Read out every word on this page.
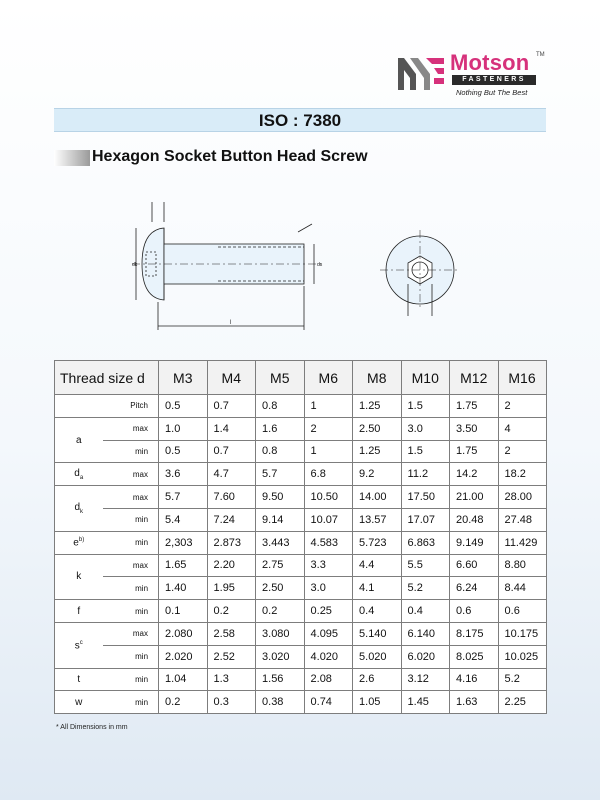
Motson TM
FASTENERS
Nothing But The Best
ISO : 7380
Hexagon Socket Button Head Screw
dk	ds
l
Thread size d		M3	M4	M5	M6	M8	M10	M12	M16
	Pitch	0.5	0.7	0.8	1	1.25	1.5	1.75	2
a	max	1.0	1.4	1.6	2	2.50	3.0	3.50	4
	min	0.5	0.7	0.8	1	1.25	1.5	1.75	2
$d_a$	max	3.6	4.7	5.7	6.8	9.2	11.2	14.2	18.2
$d_k$	max	5.7	7.60	9.50	10.50	14.00	17.50	21.00	28.00
	min	5.4	7.24	9.14	10.07	13.57	17.07	20.48	27.48
$e^{b)}$	min	2,303	2.873	3.443	4.583	5.723	6.863	9.149	11.429
k	max	1.65	2.20	2.75	3.3	4.4	5.5	6.60	8.80
	min	1.40	1.95	2.50	3.0	4.1	5.2	6.24	8.44
f	min	0.1	0.2	0.2	0.25	0.4	0.4	0.6	0.6
$s^c$	max	2.080	2.58	3.080	4.095	5.140	6.140	8.175	10.175
	min	2.020	2.52	3.020	4.020	5.020	6.020	8.025	10.025
t	min	1.04	1.3	1.56	2.08	2.6	3.12	4.16	5.2
w	min	0.2	0.3	0.38	0.74	1.05	1.45	1.63	2.25
* All Dimensions in mm
